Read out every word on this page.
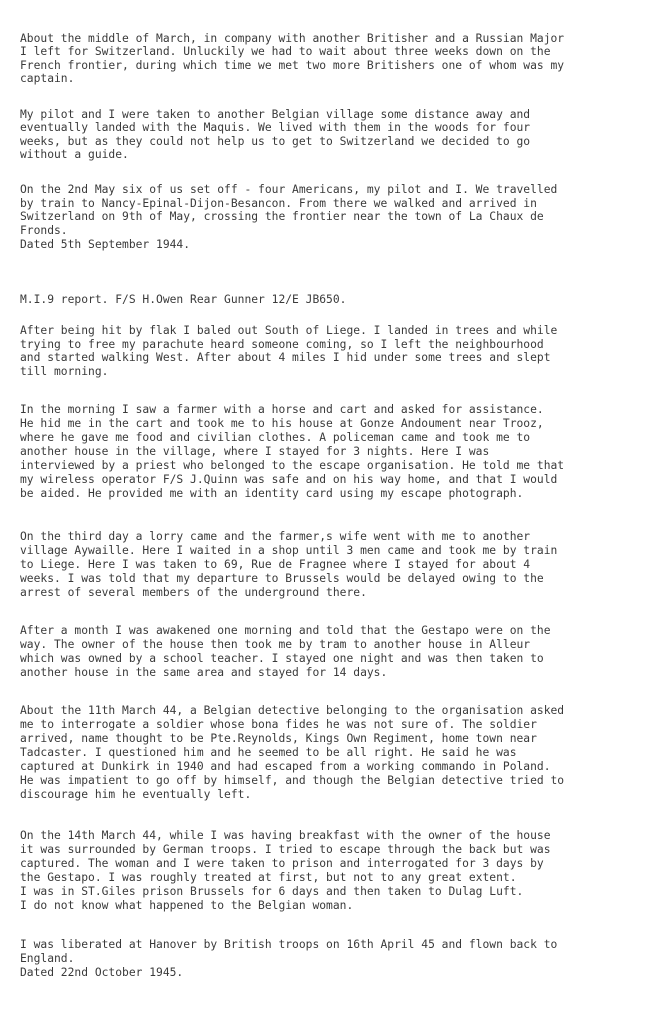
About the middle of March, in company with another Britisher and a Russian Major
I left for Switzerland. Unluckily we had to wait about three weeks down on the
French frontier, during which time we met two more Britishers one of whom was my
captain.
My pilot and I were taken to another Belgian village some distance away and
eventually landed with the Maquis. We lived with them in the woods for four
weeks, but as they could not help us to get to Switzerland we decided to go
without a guide.
On the 2nd May six of us set off - four Americans, my pilot and I. We travelled
by train to Nancy-Epinal-Dijon-Besancon. From there we walked and arrived in
Switzerland on 9th of May, crossing the frontier near the town of La Chaux de
Fronds.
Dated 5th September 1944.
M.I.9 report. F/S H.Owen Rear Gunner 12/E JB650.
After being hit by flak I baled out South of Liege. I landed in trees and while
trying to free my parachute heard someone coming, so I left the neighbourhood
and started walking West. After about 4 miles I hid under some trees and slept
till morning.
In the morning I saw a farmer with a horse and cart and asked for assistance.
He hid me in the cart and took me to his house at Gonze Andoument near Trooz,
where he gave me food and civilian clothes. A policeman came and took me to
another house in the village, where I stayed for 3 nights. Here I was
interviewed by a priest who belonged to the escape organisation. He told me that
my wireless operator F/S J.Quinn was safe and on his way home, and that I would
be aided. He provided me with an identity card using my escape photograph.
On the third day a lorry came and the farmer,s wife went with me to another
village Aywaille. Here I waited in a shop until 3 men came and took me by train
to Liege. Here I was taken to 69, Rue de Fragnee where I stayed for about 4
weeks. I was told that my departure to Brussels would be delayed owing to the
arrest of several members of the underground there.
After a month I was awakened one morning and told that the Gestapo were on the
way. The owner of the house then took me by tram to another house in Alleur
which was owned by a school teacher. I stayed one night and was then taken to
another house in the same area and stayed for 14 days.
About the 11th March 44, a Belgian detective belonging to the organisation asked
me to interrogate a soldier whose bona fides he was not sure of. The soldier
arrived, name thought to be Pte.Reynolds, Kings Own Regiment, home town near
Tadcaster. I questioned him and he seemed to be all right. He said he was
captured at Dunkirk in 1940 and had escaped from a working commando in Poland.
He was impatient to go off by himself, and though the Belgian detective tried to
discourage him he eventually left.
On the 14th March 44, while I was having breakfast with the owner of the house
it was surrounded by German troops. I tried to escape through the back but was
captured. The woman and I were taken to prison and interrogated for 3 days by
the Gestapo. I was roughly treated at first, but not to any great extent.
I was in ST.Giles prison Brussels for 6 days and then taken to Dulag Luft.
I do not know what happened to the Belgian woman.
I was liberated at Hanover by British troops on 16th April 45 and flown back to
England.
Dated 22nd October 1945.
